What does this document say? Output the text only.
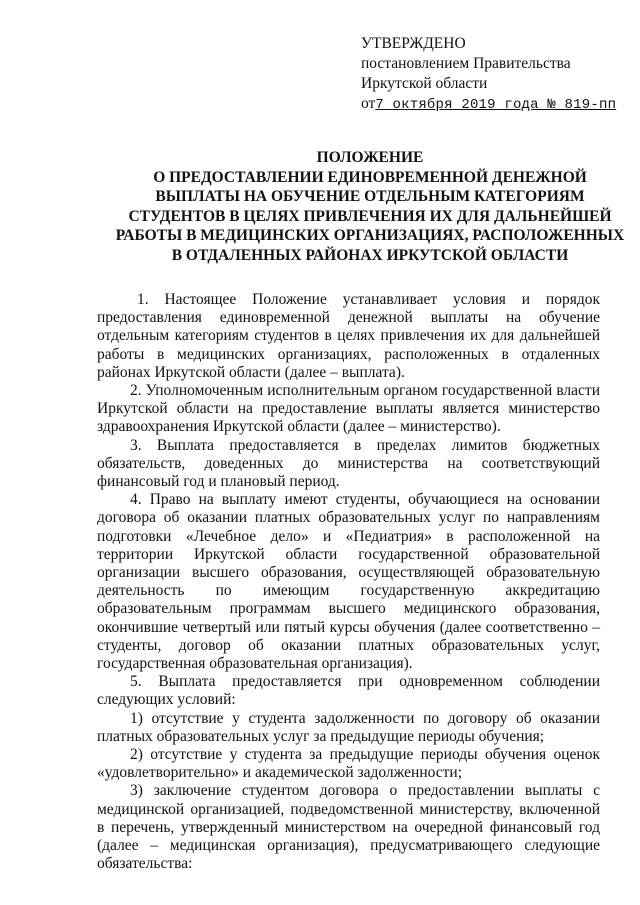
УТВЕРЖДЕНО
постановлением Правительства
Иркутской области
от7 октября 2019 года № 819-пп
ПОЛОЖЕНИЕ
О ПРЕДОСТАВЛЕНИИ ЕДИНОВРЕМЕННОЙ ДЕНЕЖНОЙ
ВЫПЛАТЫ НА ОБУЧЕНИЕ ОТДЕЛЬНЫМ КАТЕГОРИЯМ
СТУДЕНТОВ В ЦЕЛЯХ ПРИВЛЕЧЕНИЯ ИХ ДЛЯ ДАЛЬНЕЙШЕЙ
РАБОТЫ В МЕДИЦИНСКИХ ОРГАНИЗАЦИЯХ, РАСПОЛОЖЕННЫХ
В ОТДАЛЕННЫХ РАЙОНАХ ИРКУТСКОЙ ОБЛАСТИ

1. Настоящее Положение устанавливает условия и порядок предоставления единовременной денежной выплаты на обучение отдельным категориям студентов в целях привлечения их для дальнейшей работы в медицинских организациях, расположенных в отдаленных районах Иркутской области (далее – выплата).

2. Уполномоченным исполнительным органом государственной власти Иркутской области на предоставление выплаты является министерство здравоохранения Иркутской области (далее – министерство).

3. Выплата предоставляется в пределах лимитов бюджетных обязательств, доведенных до министерства на соответствующий финансовый год и плановый период.

4. Право на выплату имеют студенты, обучающиеся на основании договора об оказании платных образовательных услуг по направлениям подготовки «Лечебное дело» и «Педиатрия» в расположенной на территории Иркутской области государственной образовательной организации высшего образования, осуществляющей образовательную деятельность по имеющим государственную аккредитацию образовательным программам высшего медицинского образования, окончившие четвертый или пятый курсы обучения (далее соответственно – студенты, договор об оказании платных образовательных услуг, государственная образовательная организация).

5. Выплата предоставляется при одновременном соблюдении следующих условий:

1) отсутствие у студента задолженности по договору об оказании платных образовательных услуг за предыдущие периоды обучения;

2) отсутствие у студента за предыдущие периоды обучения оценок «удовлетворительно» и академической задолженности;

3) заключение студентом договора о предоставлении выплаты с медицинской организацией, подведомственной министерству, включенной в перечень, утвержденный министерством на очередной финансовый год (далее – медицинская организация), предусматривающего следующие обязательства:
